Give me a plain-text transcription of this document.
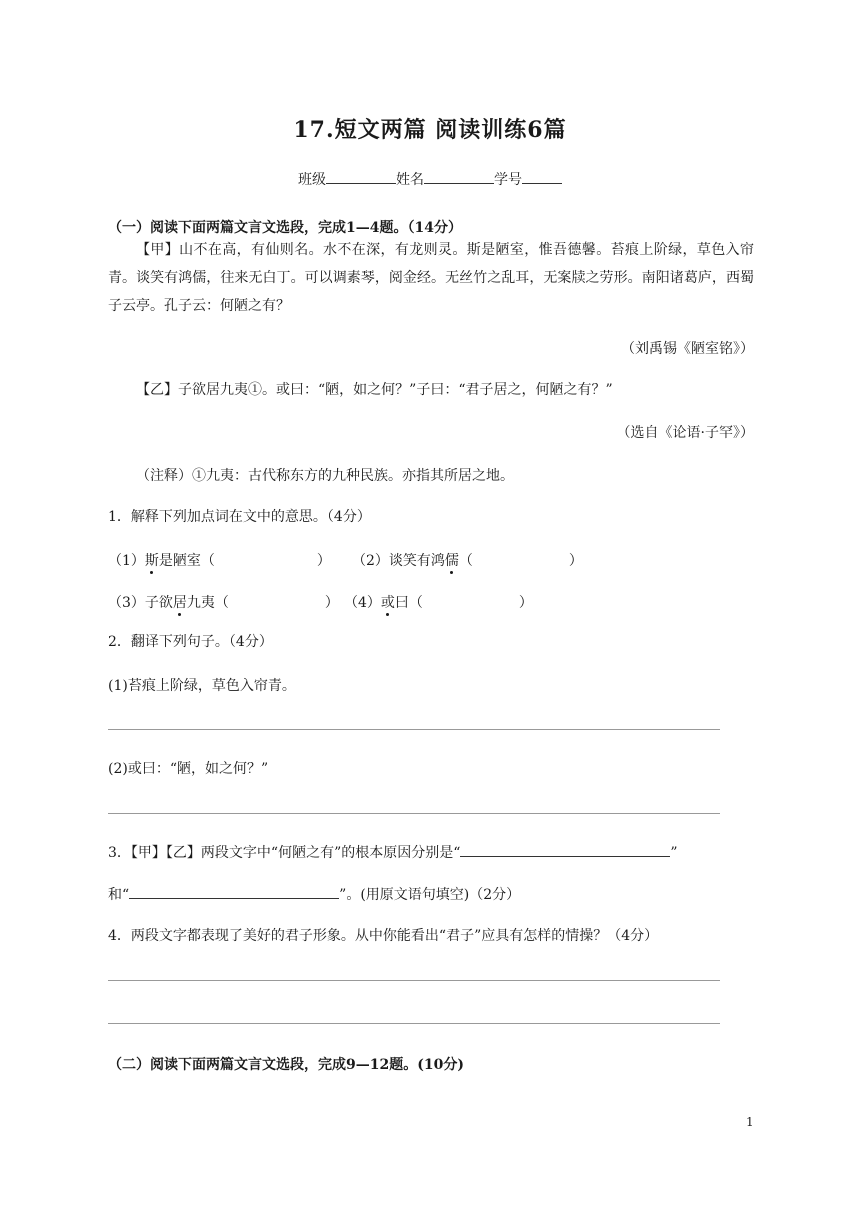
17.短文两篇 阅读训练6篇
班级	姓名	学号
（一）阅读下面两篇文言文选段，完成1—4题。（14分）
【甲】山不在高，有仙则名。水不在深，有龙则灵。斯是陋室，惟吾德馨。苔痕上阶绿，草色入帘青。谈笑有鸿儒，往来无白丁。可以调素琴，阅金经。无丝竹之乱耳，无案牍之劳形。南阳诸葛庐，西蜀子云亭。孔子云：何陋之有？
（刘禹锡《陋室铭》）
【乙】子欲居九夷①。或曰：“陋，如之何？”子曰：“君子居之，何陋之有？”
（选自《论语·子罕》）
（注释）①九夷：古代称东方的九种民族。亦指其所居之地。
1．解释下列加点词在文中的意思。（4分）
（1）斯是陋室（	） （2）谈笑有鸿儒（	）
（3）子欲居九夷（	） （4）或曰（	）
2．翻译下列句子。（4分）
(1)苔痕上阶绿，草色入帘青。
(2)或曰：“陋，如之何？”
3．【甲】【乙】两段文字中“何陋之有”的根本原因分别是“	”
和“	”。(用原文语句填空)（2分）
4．两段文字都表现了美好的君子形象。从中你能看出“君子”应具有怎样的情操？（4分）
（二）阅读下面两篇文言文选段，完成9—12题。(10分)
1
